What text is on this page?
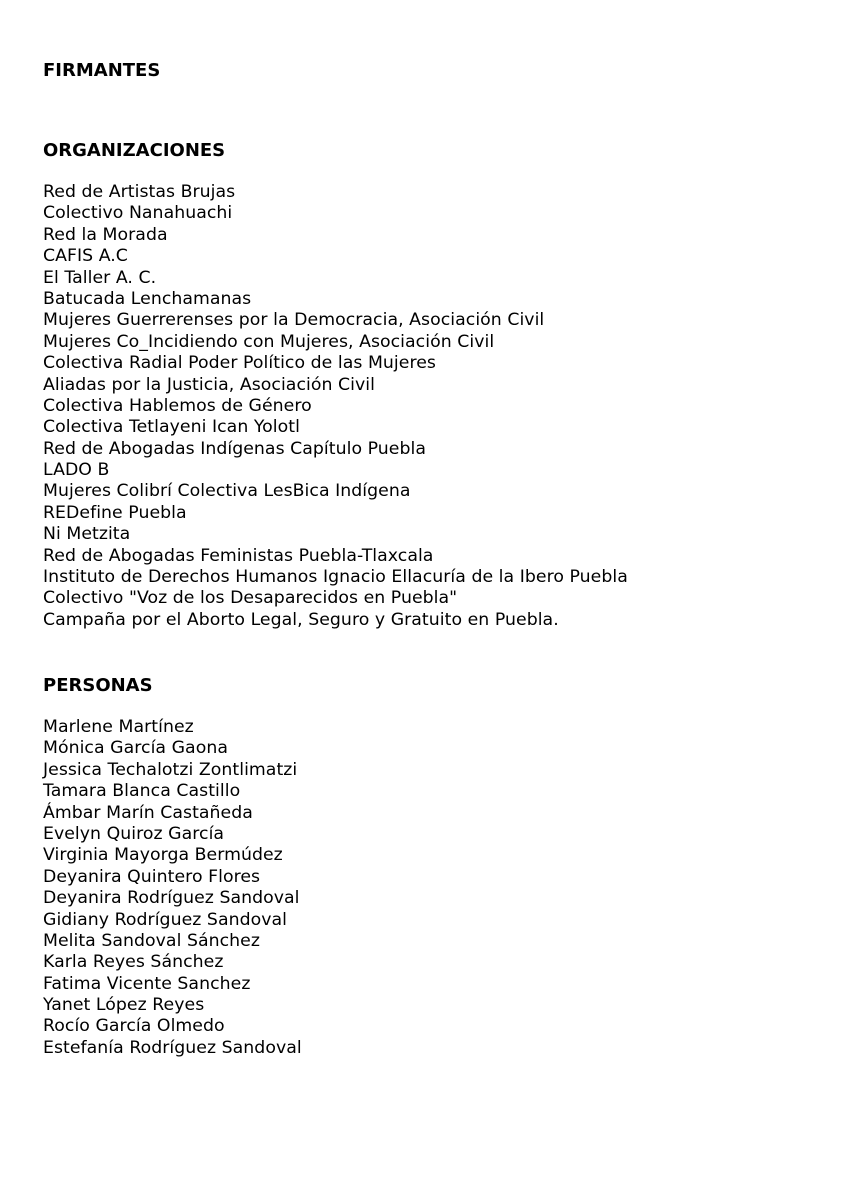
FIRMANTES
ORGANIZACIONES
Red de Artistas Brujas
Colectivo Nanahuachi
Red la Morada
CAFIS A.C
El Taller A. C.
Batucada Lenchamanas
Mujeres Guerrerenses por la Democracia, Asociación Civil
Mujeres Co_Incidiendo con Mujeres, Asociación Civil
Colectiva Radial Poder Político de las Mujeres
Aliadas por la Justicia, Asociación Civil
Colectiva Hablemos de Género
Colectiva Tetlayeni Ican Yolotl
Red de Abogadas Indígenas Capítulo Puebla
LADO B
Mujeres Colibrí Colectiva LesBica Indígena
REDefine Puebla
Ni Metzita
Red de Abogadas Feministas Puebla-Tlaxcala
Instituto de Derechos Humanos Ignacio Ellacuría de la Ibero Puebla
Colectivo "Voz de los Desaparecidos en Puebla"
Campaña por el Aborto Legal, Seguro y Gratuito en Puebla.
PERSONAS
Marlene Martínez
Mónica García Gaona
Jessica Techalotzi Zontlimatzi
Tamara Blanca Castillo
Ámbar Marín Castañeda
Evelyn Quiroz García
Virginia Mayorga Bermúdez
Deyanira Quintero Flores
Deyanira Rodríguez Sandoval
Gidiany Rodríguez Sandoval
Melita Sandoval Sánchez
Karla Reyes Sánchez
Fatima Vicente Sanchez
Yanet López Reyes
Rocío García Olmedo
Estefanía Rodríguez Sandoval
